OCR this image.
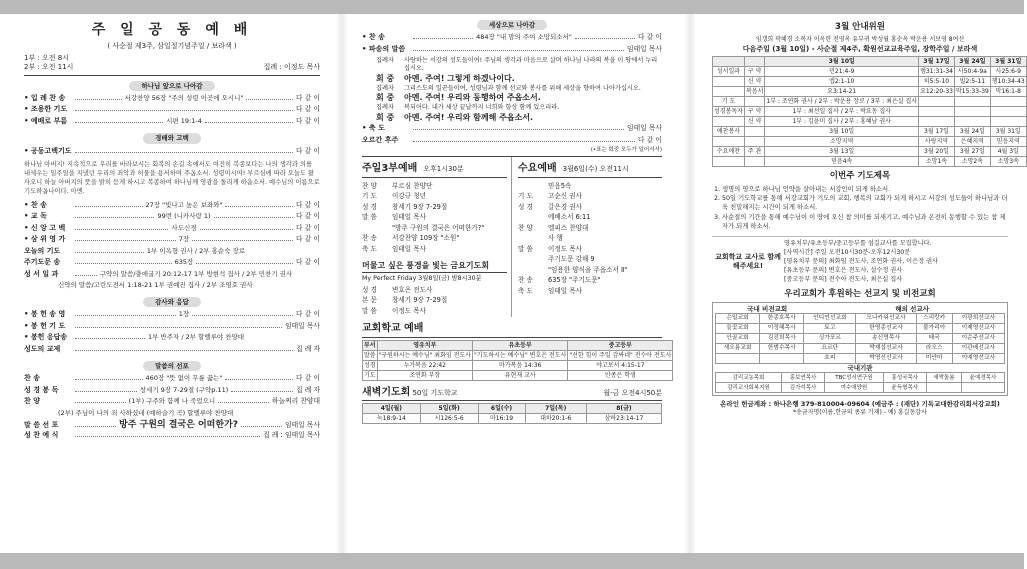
주 일 공 동 예 배
( 사순절 제3주, 삼일절기념주일 / 보라색 )
1부 : 오전 8시
2부 : 오전 11시	집례 : 이정도 목사
하나님 앞으로 나아감
• 입 례 찬 송	서강찬양 56장 "주의 성령 이곳에 오시니"	다 같 이
• 조용한 기도	다 같 이
• 예배로 부름	시편 19:1-4	다 같 이
경배와 고백
• 공동고백기도	다 같 이
하나님 아버지! 지속적으로 우리를 바라보시는 회복의 손길 속에서도 여전히 복종보다는 나의 생각과 의를 내세우는 일주일을 지냈던 우리의 죄악과 허물을 용서하여 주옵소서. 성령이시여! 부르심에 따라 오늘도 왔사오니 하늘 아버지의 뜻을 밝히 듣게 하시고 복종하여 하나님께 영광을 돌리게 하옵소서. 예수님의 이름으로 기도하옵나이다. 아멘.
• 찬 송	27장 "빛나고 높은 보좌와"	다 같 이
• 교 독	99번 (니카사랑 1)	다 같 이
• 신 앙 고 백	사도신경	다 같 이
• 삼 위 영 가	7장	다 같 이
오늘의 기도	1부 이옥형 권사 / 2부 홍순숙 장로
주기도문 송	635장	다 같 이
성 서 일 과	구약의 말씀/출애굽기 20:12-17 1부 방현석 집사 / 2부 민찬기 권사
신약의 말씀/고린도전서 1:18-21 1부 권예진 집사 / 2부 조영호 권사
감사와 응답
• 봉 헌 송 영	1장	다 같 이
• 봉 헌 기 도	임태일 목사
• 봉헌 응답송	1부 반주자 / 2부 할렐루야 찬양대
성도의 교제	집 례 자
말씀의 선포
찬 송	460장 "뜻 없이 무릎 꿇는"	다 같 이
성 경 봉 독	창세기 9장 7-29절 (구약p.11)	집 례 자
찬 양	(1부) 구주와 함께 나 죽었으니	하늘찌리 찬양대
(2부) 주님이 나의 죄 사하셨네 (예하슬기 곡) 할렐루야 찬양대
말 씀 선 포	방주 구원의 결국은 어떠한가?	임태일 목사
성 찬 예 식	집 례 : 임태일 목사
세상으로 나아감
• 찬 송	484장 "내 맘의 주여 소망되소서"	다 같 이
• 파송의 말씀	임태일 목사
집례자	사랑하는 서강의 성도들이여! 주님의 생각과 마음으로 살며 하나님 나라의 복을 이 땅에서 누리십시오.
회 중	아멘. 주여! 그렇게 하겠나이다.
집례자	그리스도의 일꾼들이여, 성령님과 함께 선교와 봉사를 위해 세상을 향하여 나아가십시오.
회 중	아멘. 주여! 우리와 동행하여 주옵소서.
집례자	복되어다. 내가 세상 끝날까지 너희와 항상 함께 있으리라.
회 중	아멘. 주여! 우리와 함께해 주옵소서.
• 축 도	임태일 목사
오르간 후주	다 같 이
(•표는 회중 모두가 일어서서)
주일3부예배 오후1시30분
찬 양	부르심 찬양단
기 도	이강규 청년
성 경	창세기 9장 7-29절
말 씀	임태일 목사
"방주 구원의 결국은 어떠한가?"
찬 송	서강찬양 109장 "소원"
축 도	임태일 목사
머물고 싶은 풍경을 빛는 금요기도회
My Perfect Friday 3월8일(금) 밤8시30분
성 경	변호은 전도사
본 문	창세기 9장 7-29절
말 씀	이정도 목사
수요예배 3월6일(수) 오전11시
믿음5속
기 도	고순신 권사
성 경	갈은경 권사
에베소서 6:11
찬 양	엘피스 찬양대
사 행
말 씀	이정도 목사
주기도문 강해 9
"임용한 양식을 주옵소서 Ⅱ"
찬 송	635장 "주기도문"
축 도	임태일 목사
교회학교 예배
부서	영유치부	유초등부	중고등부
말씀	"구원하시는 예수님" 최화임 전도사	"기도하시는 예수님" 변호은 전도사	"선한 힘이 주일 감싸네" 전수아 전도사
성경	누가복음 22:42	마가복음 14:36	야고보서 4:15-17
기도	조연화 부장	유현재 교사	안종은 학생
새벽기도회 50일 기도학교	월-금 오전4시50분
4일(월)	5일(화)	6일(수)	7일(목)	8(금)
눅18:9-14	시126:5-6	마16:19	대하20:1-6	삼하23:14-17
3월 안내위원
임갱희 곽혜경 소복자 이옥련 전영옥 유부귀 박성월 홍순옥 박운용 서보영 8여선
다음주일 (3월 10일) - 사순절 제4주, 확원선교교육주일, 장학주일 / 보라색
		3월 10일	3월 17일	3월 24일	3월 31일
성서일과	구 약	민21:4-9	렘31:31-34	사50:4-9a	사25:6-9
	신 약	엡2:1-10	히5:5-10	빌2:5-11	행10:34-43
	복음서	요3:14-21	요12:20-33	막15:33-39	막16:1-8
기 도		1부 : 조연화 권사 / 2부 : 박운용 장로 / 3부 : 최은실 집사			
성경봉독자	구 약	1부 : 최선일 집사 / 2부 : 박요동 집사			
	신 약	1부 : 김윤미 집사 / 2부 : 홍혜남 권사			
애찬봉사		3월 10일	3월 17일	3월 24일	3월 31일
		소망지역	사랑지역	은혜지역	믿음지역
수요애찬	주 관	3월 13일	3월 20일	3월 27일	4월 3일
		믿음4속	소망1속	소망2속	소망3속
이번주 기도제목
1. 생명의 영으로 하나님 언약을 살아내는 서강인이 되게 하소서.
2. 50일 기도학교를 통해 서강교회가 기도의 교회, 행복의 교회가 되게 하시고 서강의 성도들이 하나님과 더욱 친밀해지는 시간이 되게 하소서.
3. 사순절의 기간을 통해 예수님이 이 땅에 오신 참 의미를 되새기고, 예수님과 온전히 동행할 수 있는 참 제자가 되게 하소서.
교회학교 교사로 함께 해주세요!
영유치부/유초등부/중고등부를 섬길교사를 모집합니다.
[사역시간] 주일 오전10시30분-오후12시30분
[영유치부 문의] 최화임 전도사, 조연화 권사, 이은정 권사
[유초등부 문의] 변호은 전도사, 설수정 권사
[중고등부 문의] 전수아 전도사, 최은실 집사
우리교회가 후원하는 선교지 및 비전교회
국내 비전교회	해외 선교사
은일교회	한종호목사	인디언선교회	모나카워선교사	스리랑카	이광희선교사
들꽃교회	이정혜목사	토고	한영종선교사	불가리아	이제영선교사
안골교회	김진희목사	싱가포르	송신영목사	태국	이순주선교사
새오름교회	한범수목사	요르단	박재섭선교사	라오스	이관배선교사
		호피	박명선선교사	미얀마	이예영선교사
국내기관
감리교농목회	홍보연목사	TBC성서연구원	홍성국목사	새싹돌봄	윤예경목사
감리교사회복지원	김가석목사	여수애양원	윤득형목사		
온라인 헌금계좌 : 하나은행 379-810004-09604 (예금주 : (재단) 기독교대한감리회서강교회)
*송금자명(이름,헌금의 종류 기재) - 예) 홍길동감사
